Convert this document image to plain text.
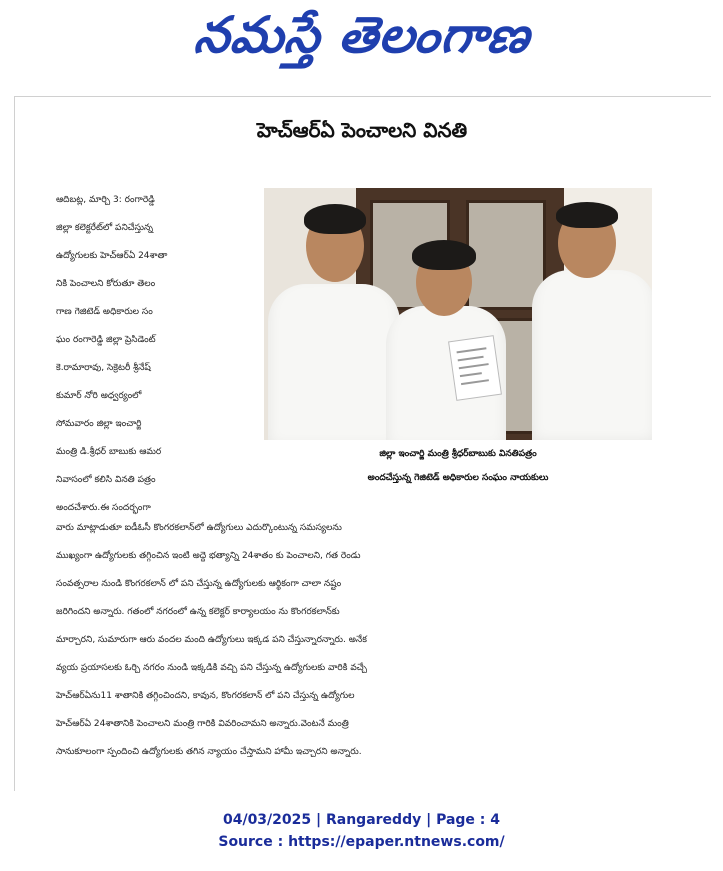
నమస్తే తెలంగాణ
హెచ్‌ఆర్‌ఏ పెంచాలని వినతి

ఆదిబట్ల, మార్చి 3: రంగారెడ్డి

జిల్లా కలెక్టరేట్‌లో పనిచేస్తున్న

ఉద్యోగులకు హెచ్‌ఆర్‌ఏ 24శాతా

నికి పెంచాలని కోరుతూ తెలం

గాణ గెజిటెడ్ అధికారుల సం

ఘం రంగారెడ్డి జిల్లా ప్రెసిడెంట్

కె.రామారావు, సెక్రెటరీ శ్రీనేష్

కుమార్ నోరి అధ్వర్యంలో

సోమవారం జిల్లా ఇంచార్జి

మంత్రి డి.శ్రీధర్ బాబుకు ఆమర

నివాసంలో కలిసి వినతి పత్రం

అందచేశారు.ఈ సందర్భంగా

జిల్లా ఇంచార్జి మంత్రి శ్రీధర్‌బాబుకు వినతిపత్రం
అందచేస్తున్న గెజిటెడ్ అధికారుల సంఘం నాయకులు

వారు మాట్లాడుతూ ఐడీఓసీ కొంగరకలాన్‌లో ఉద్యోగులు ఎదుర్కొంటున్న సమస్యలను

ముఖ్యంగా ఉద్యోగులకు తగ్గించిన ఇంటి అద్దె భత్యాన్ని 24శాతం కు పెంచాలని, గత రెండు

సంవత్సరాల నుండి కొంగరకలాన్ లో పని చేస్తున్న ఉద్యోగులకు ఆర్థికంగా చాలా నష్టం

జరిగిందని అన్నారు. గతంలో నగరంలో ఉన్న కలెక్టర్ కార్యాలయం ను కొంగరకలాన్‌కు

మార్చారని, సుమారుగా ఆరు వందల మంది ఉద్యోగులు ఇక్కడ పని చేస్తున్నారన్నారు. అనేక

వ్యయ ప్రయాసలకు ఓర్చి నగరం నుండి ఇక్కడికి వచ్చి పని చేస్తున్న ఉద్యోగులకు వారికి వచ్చే

హెచ్‌ఆర్‌ఏను11 శాతానికి తగ్గించిందని, కావున, కొంగరకలాన్ లో పని చేస్తున్న ఉద్యోగుల

హెచ్‌ఆర్‌ఏ 24శాతానికి పెంచాలని మంత్రి గారికి వివరించామని అన్నారు.వెంటనే మంత్రి

సానుకూలంగా స్పందించి ఉద్యోగులకు తగిన న్యాయం చేస్తామని హామీ ఇచ్చారని అన్నారు.

04/03/2025 | Rangareddy | Page : 4
Source : https://epaper.ntnews.com/
